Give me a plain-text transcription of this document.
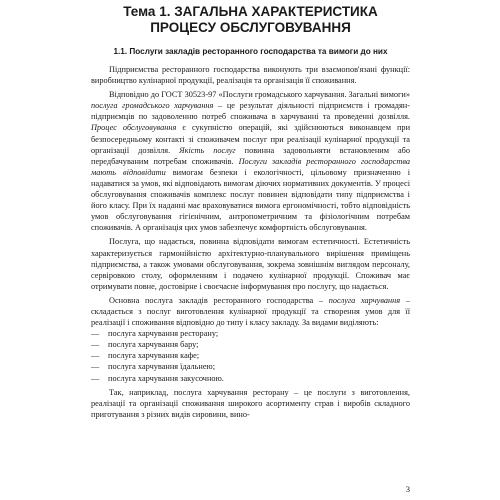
Тема 1. ЗАГАЛЬНА ХАРАКТЕРИСТИКА ПРОЦЕСУ ОБСЛУГОВУВАННЯ
1.1. Послуги закладів ресторанного господарства та вимоги до них

Підприємства ресторанного господарства виконують три взаємопов'язані функції: виробництво кулінарної продукції, реалізація та організація її споживання.

Відповідно до ГОСТ 30523-97 «Послуги громадського харчування. Загальні вимоги» послуга громадського харчування – це результат діяльності підприємств і громадян-підприємців по задоволенню потреб споживача в харчуванні та проведенні дозвілля. Процес обслуговування є сукупністю операцій, які здійснюються виконавцем при безпосередньому контакті зі споживачем послуг при реалізації кулінарної продукції та організації дозвілля. Якість послуг повинна задовольняти встановленим або передбачуваним потребам споживачів. Послуги закладів ресторанного господарства мають відповідати вимогам безпеки і екологічності, цільовому призначенню і надаватися за умов, які відповідають вимогам діючих нормативних документів. У процесі обслуговування споживачів комплекс послуг повинен відповідати типу підприємства і його класу. При їх наданні має враховуватися вимога ергономічності, тобто відповідність умов обслуговування гігієнічним, антропометричним та фізіологічним потребам споживачів. А організація цих умов забезпечує комфортність обслуговування.

Послуга, що надається, повинна відповідати вимогам естетичності. Естетичність характеризується гармонійністю архітектурно-планувального вирішення приміщень підприємства, а також умовами обслуговування, зокрема зовнішнім виглядом персоналу, сервіровкою столу, оформленням і подачею кулінарної продукції. Споживач має отримувати повне, достовірне і своєчасне інформування про послугу, що надається.

Основна послуга закладів ресторанного господарства – послуга харчування – складається з послуг виготовлення кулінарної продукції та створення умов для її реалізації і споживання відповідно до типу і класу закладу. За видами виділяють:

—	послуга харчування ресторану;
—	послуга харчування бару;
—	послуга харчування кафе;
—	послуга харчування їдальнею;
—	послуга харчування закусочною.

Так, наприклад, послуга харчування ресторану – це послуги з виготовлення, реалізації та організації споживання широкого асортименту страв і виробів складного приготування з різних видів сировини, вино-

3
